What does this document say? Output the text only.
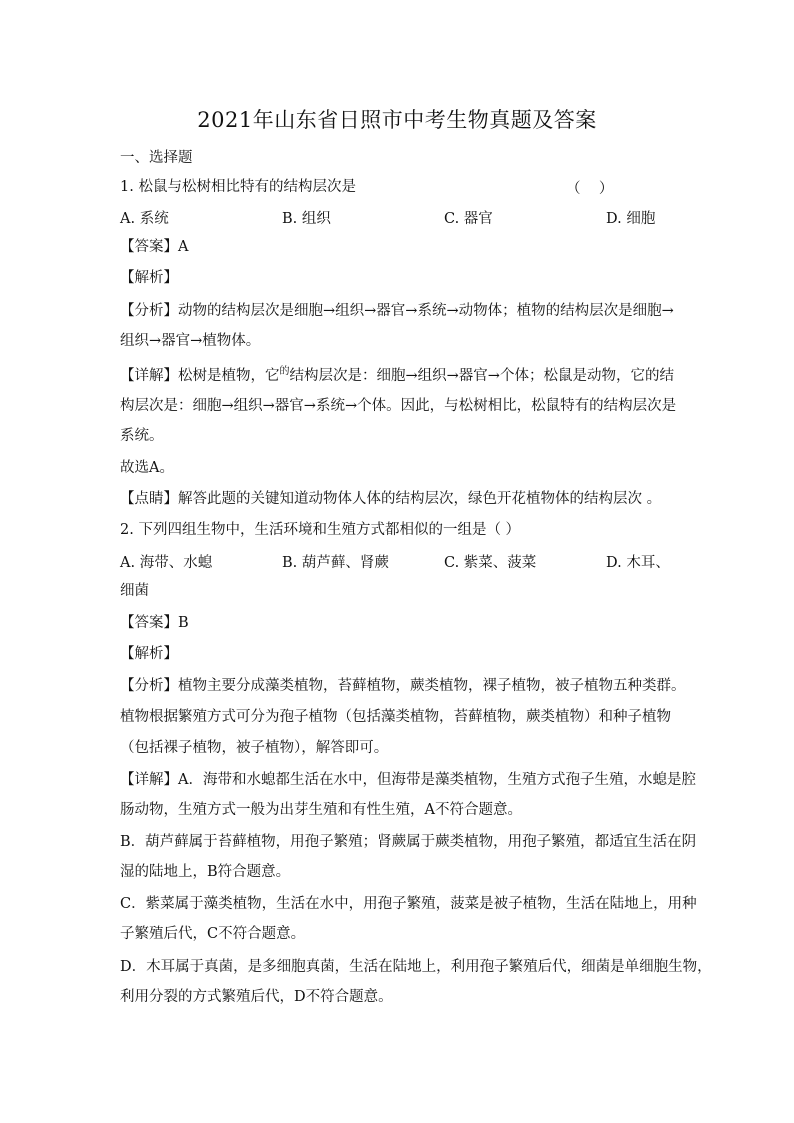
2021年山东省日照市中考生物真题及答案
一、选择题
1. 松鼠与松树相比特有的结构层次是	（    ）
A. 系统	B. 组织	C. 器官	D. 细胞
【答案】A
【解析】
【分析】动物的结构层次是细胞→组织→器官→系统→动物体；植物的结构层次是细胞→
组织→器官→植物体。
【详解】松树是植物，它$^的$结构层次是：细胞→组织→器官→个体；松鼠是动物，它的结
构层次是：细胞→组织→器官→系统→个体。因此，与松树相比，松鼠特有的结构层次是
系统。
故选A。
【点睛】解答此题的关键知道动物体人体的结构层次，绿色开花植物体的结构层次 。
2. 下列四组生物中，生活环境和生殖方式都相似的一组是（ ）
A. 海带、水螅	B. 葫芦藓、肾蕨	C. 紫菜、菠菜	D. 木耳、
细菌
【答案】B
【解析】
【分析】植物主要分成藻类植物，苔藓植物，蕨类植物，裸子植物，被子植物五种类群。
植物根据繁殖方式可分为孢子植物（包括藻类植物，苔藓植物，蕨类植物）和种子植物
（包括裸子植物，被子植物），解答即可。
【详解】A．海带和水螅都生活在水中，但海带是藻类植物，生殖方式孢子生殖，水螅是腔
肠动物，生殖方式一般为出芽生殖和有性生殖，A不符合题意。
B．葫芦藓属于苔藓植物，用孢子繁殖；肾蕨属于蕨类植物，用孢子繁殖，都适宜生活在阴
湿的陆地上，B符合题意。
C．紫菜属于藻类植物，生活在水中，用孢子繁殖，菠菜是被子植物，生活在陆地上，用种
子繁殖后代，C不符合题意。
D．木耳属于真菌，是多细胞真菌，生活在陆地上，利用孢子繁殖后代，细菌是单细胞生物，
利用分裂的方式繁殖后代，D不符合题意。
